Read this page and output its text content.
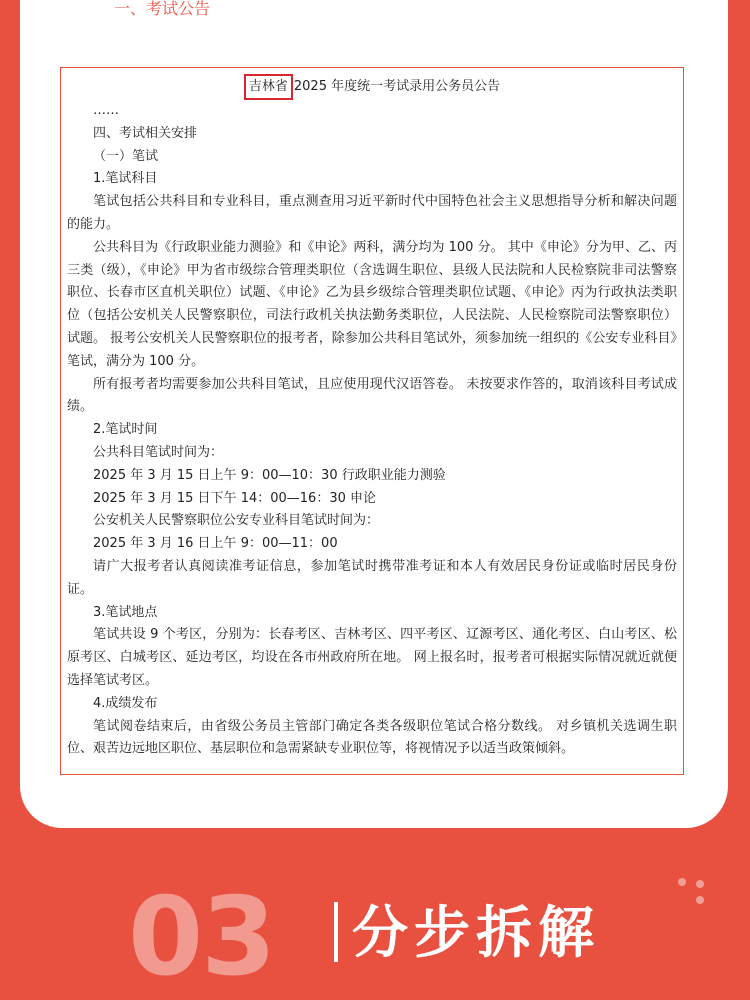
一、考试公告
吉林省 2025 年度统一考试录用公务员公告

……

四、考试相关安排

（一）笔试

1.笔试科目

笔试包括公共科目和专业科目，重点测查用习近平新时代中国特色社会主义思想指导分析和解决问题的能力。

公共科目为《行政职业能力测验》和《申论》两科，满分均为 100 分。 其中《申论》分为甲、乙、丙三类（级），《申论》甲为省市级综合管理类职位（含选调生职位、县级人民法院和人民检察院非司法警察职位、长春市区直机关职位）试题、《申论》乙为县乡级综合管理类职位试题、《申论》丙为行政执法类职位（包括公安机关人民警察职位，司法行政机关执法勤务类职位，人民法院、人民检察院司法警察职位）试题。 报考公安机关人民警察职位的报考者，除参加公共科目笔试外，须参加统一组织的《公安专业科目》笔试，满分为 100 分。

所有报考者均需要参加公共科目笔试，且应使用现代汉语答卷。 未按要求作答的，取消该科目考试成绩。

2.笔试时间

公共科目笔试时间为：

2025 年 3 月 15 日上午 9：00—10：30 行政职业能力测验

2025 年 3 月 15 日下午 14：00—16：30 申论

公安机关人民警察职位公安专业科目笔试时间为：

2025 年 3 月 16 日上午 9：00—11：00

请广大报考者认真阅读准考证信息，参加笔试时携带准考证和本人有效居民身份证或临时居民身份证。

3.笔试地点

笔试共设 9 个考区，分别为：长春考区、吉林考区、四平考区、辽源考区、通化考区、白山考区、松原考区、白城考区、延边考区，均设在各市州政府所在地。 网上报名时，报考者可根据实际情况就近就便选择笔试考区。

4.成绩发布

笔试阅卷结束后，由省级公务员主管部门确定各类各级职位笔试合格分数线。 对乡镇机关选调生职位、艰苦边远地区职位、基层职位和急需紧缺专业职位等，将视情况予以适当政策倾斜。

03 分步拆解
